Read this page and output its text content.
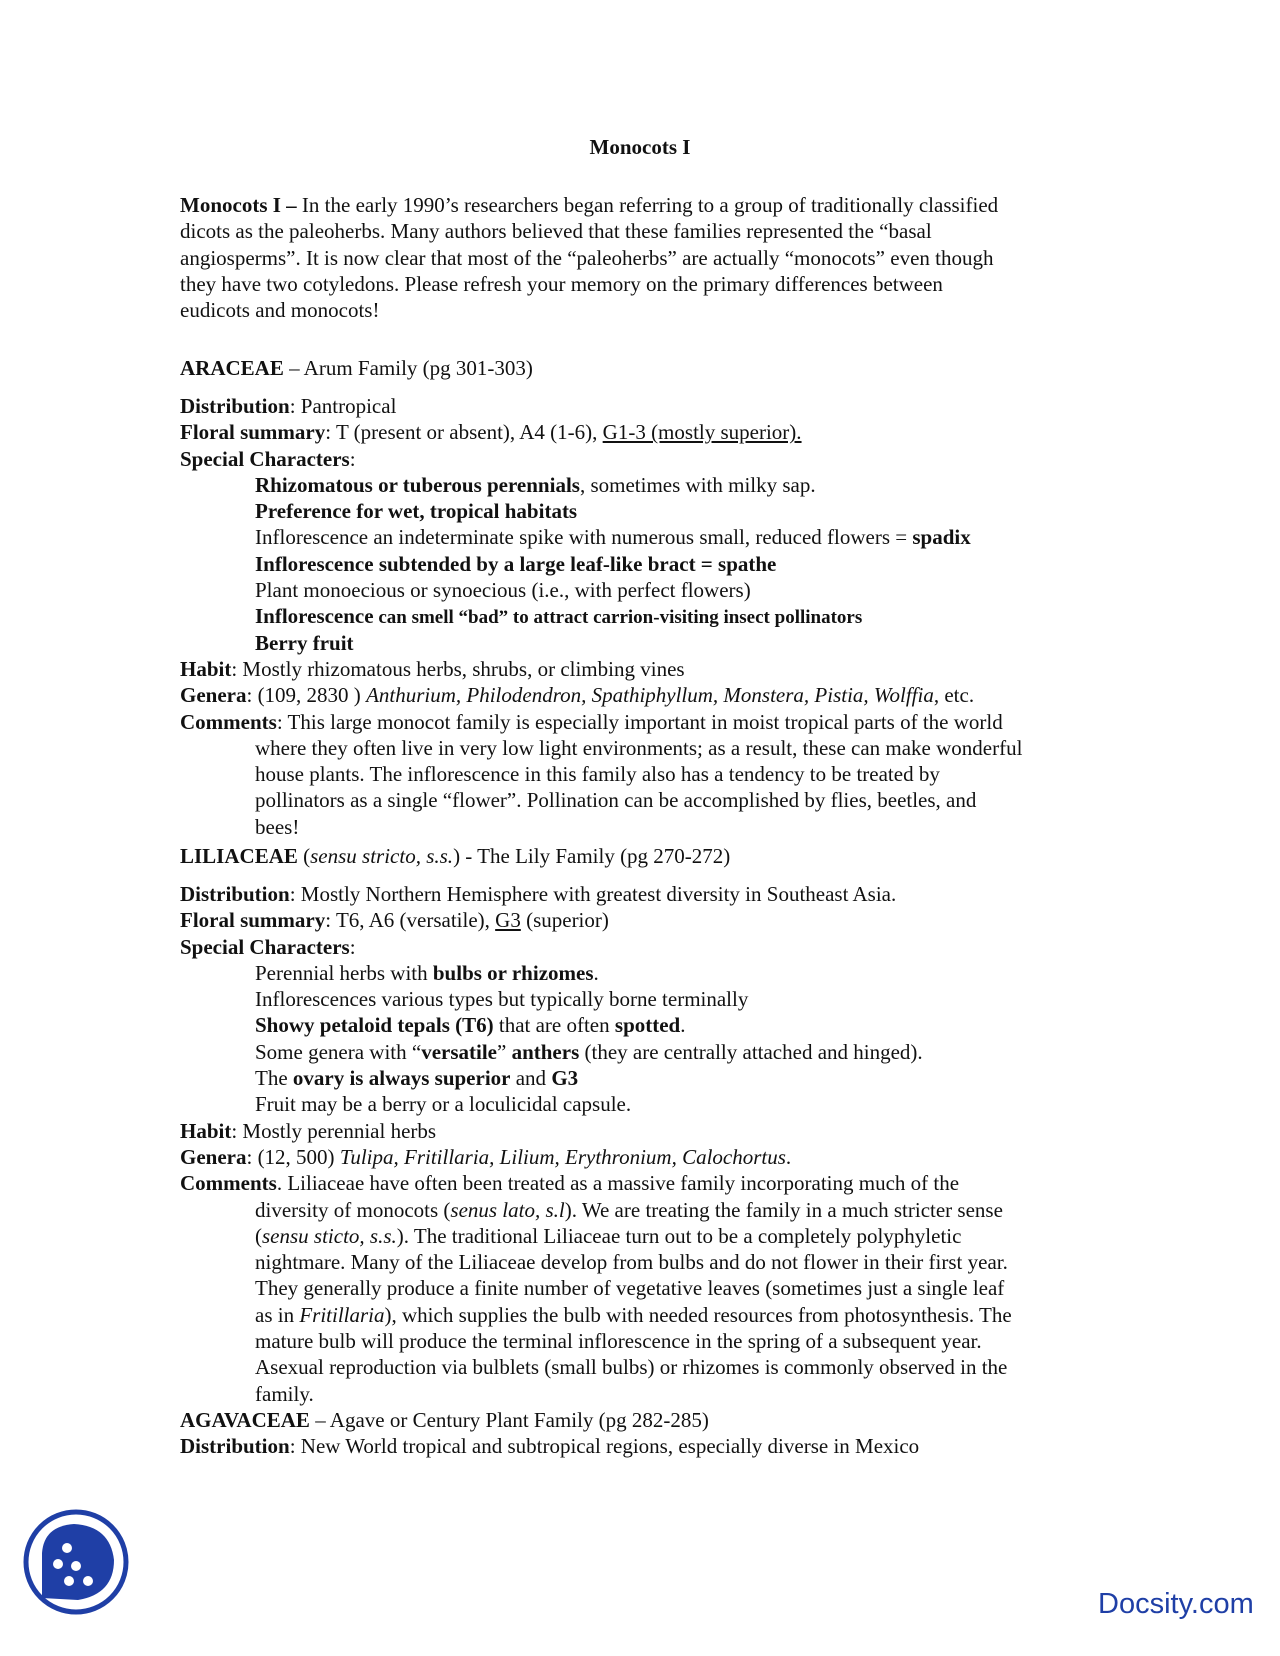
Monocots I
Monocots I – In the early 1990’s researchers began referring to a group of traditionally classified
dicots as the paleoherbs. Many authors believed that these families represented the “basal
angiosperms”. It is now clear that most of the “paleoherbs” are actually “monocots” even though
they have two cotyledons. Please refresh your memory on the primary differences between
eudicots and monocots!
ARACEAE – Arum Family (pg 301-303)
Distribution: Pantropical
Floral summary: T (present or absent), A4 (1-6), G1-3 (mostly superior).
Special Characters:
Rhizomatous or tuberous perennials, sometimes with milky sap.
Preference for wet, tropical habitats
Inflorescence an indeterminate spike with numerous small, reduced flowers = spadix
Inflorescence subtended by a large leaf-like bract = spathe
Plant monoecious or synoecious (i.e., with perfect flowers)
Inflorescence can smell “bad” to attract carrion-visiting insect pollinators
Berry fruit
Habit: Mostly rhizomatous herbs, shrubs, or climbing vines
Genera: (109, 2830 ) Anthurium, Philodendron, Spathiphyllum, Monstera, Pistia, Wolffia, etc.
Comments: This large monocot family is especially important in moist tropical parts of the world
where they often live in very low light environments; as a result, these can make wonderful
house plants. The inflorescence in this family also has a tendency to be treated by
pollinators as a single “flower”. Pollination can be accomplished by flies, beetles, and
bees!
LILIACEAE (sensu stricto, s.s.) - The Lily Family (pg 270-272)
Distribution: Mostly Northern Hemisphere with greatest diversity in Southeast Asia.
Floral summary: T6, A6 (versatile), G3 (superior)
Special Characters:
Perennial herbs with bulbs or rhizomes.
Inflorescences various types but typically borne terminally
Showy petaloid tepals (T6) that are often spotted.
Some genera with “versatile” anthers (they are centrally attached and hinged).
The ovary is always superior and G3
Fruit may be a berry or a loculicidal capsule.
Habit: Mostly perennial herbs
Genera: (12, 500) Tulipa, Fritillaria, Lilium, Erythronium, Calochortus.
Comments. Liliaceae have often been treated as a massive family incorporating much of the
diversity of monocots (senus lato, s.l). We are treating the family in a much stricter sense
(sensu sticto, s.s.). The traditional Liliaceae turn out to be a completely polyphyletic
nightmare. Many of the Liliaceae develop from bulbs and do not flower in their first year.
They generally produce a finite number of vegetative leaves (sometimes just a single leaf
as in Fritillaria), which supplies the bulb with needed resources from photosynthesis. The
mature bulb will produce the terminal inflorescence in the spring of a subsequent year.
Asexual reproduction via bulblets (small bulbs) or rhizomes is commonly observed in the
family.
AGAVACEAE – Agave or Century Plant Family (pg 282-285)
Distribution: New World tropical and subtropical regions, especially diverse in Mexico
Docsity.com
